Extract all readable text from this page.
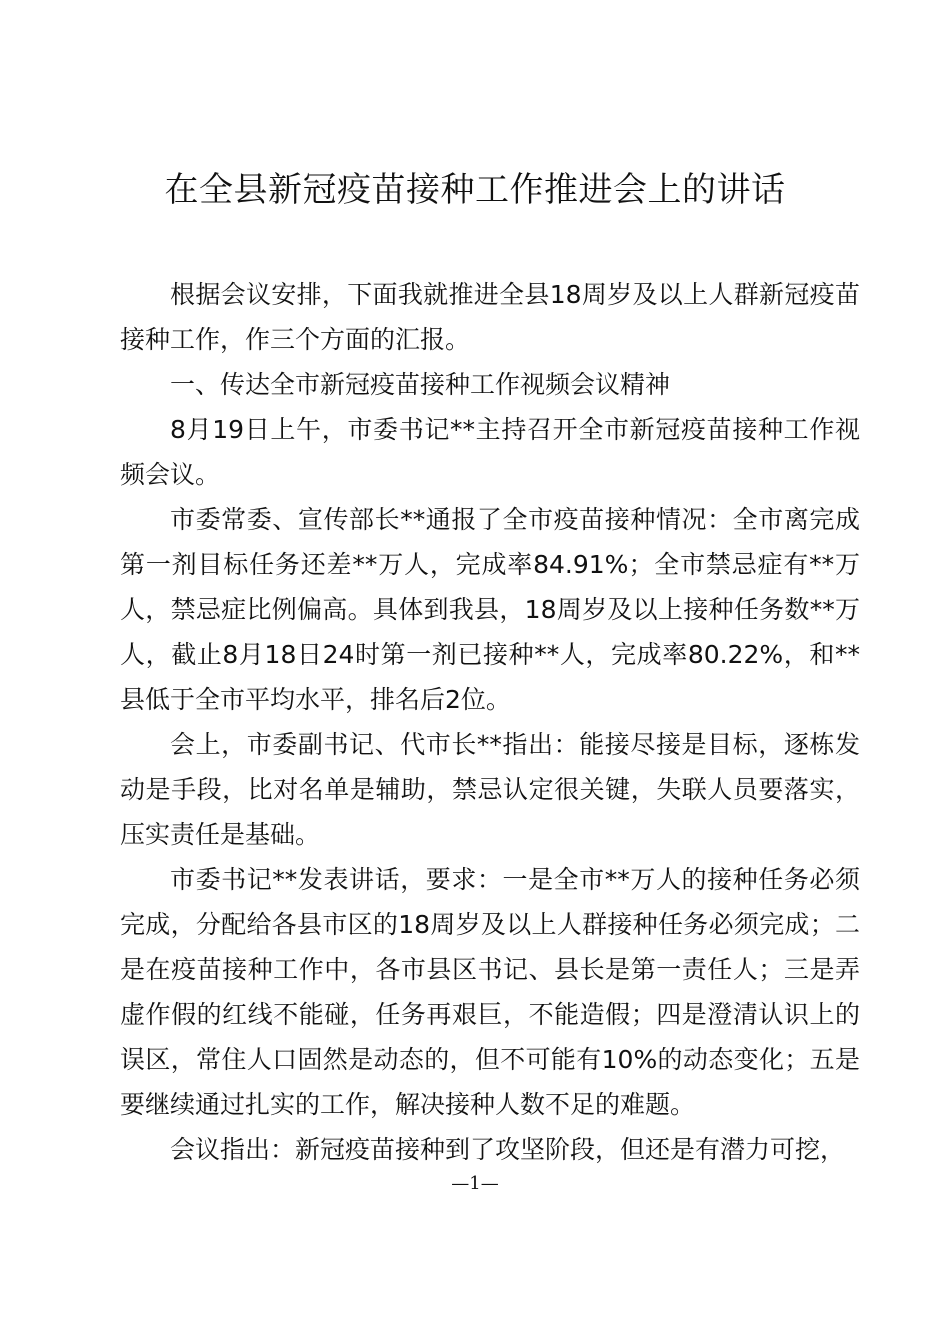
在全县新冠疫苗接种工作推进会上的讲话

根据会议安排，下面我就推进全县18周岁及以上人群新冠疫苗接种工作，作三个方面的汇报。

一、传达全市新冠疫苗接种工作视频会议精神

8月19日上午，市委书记**主持召开全市新冠疫苗接种工作视频会议。

市委常委、宣传部长**通报了全市疫苗接种情况：全市离完成第一剂目标任务还差**万人，完成率84.91%；全市禁忌症有**万人，禁忌症比例偏高。具体到我县，18周岁及以上接种任务数**万人，截止8月18日24时第一剂已接种**人，完成率80.22%，和**县低于全市平均水平，排名后2位。

会上，市委副书记、代市长**指出：能接尽接是目标，逐栋发动是手段，比对名单是辅助，禁忌认定很关键，失联人员要落实，压实责任是基础。

市委书记**发表讲话，要求：一是全市**万人的接种任务必须完成，分配给各县市区的18周岁及以上人群接种任务必须完成；二是在疫苗接种工作中，各市县区书记、县长是第一责任人；三是弄虚作假的红线不能碰，任务再艰巨，不能造假；四是澄清认识上的误区，常住人口固然是动态的，但不可能有10%的动态变化；五是要继续通过扎实的工作，解决接种人数不足的难题。

会议指出：新冠疫苗接种到了攻坚阶段，但还是有潜力可挖，

—1—
